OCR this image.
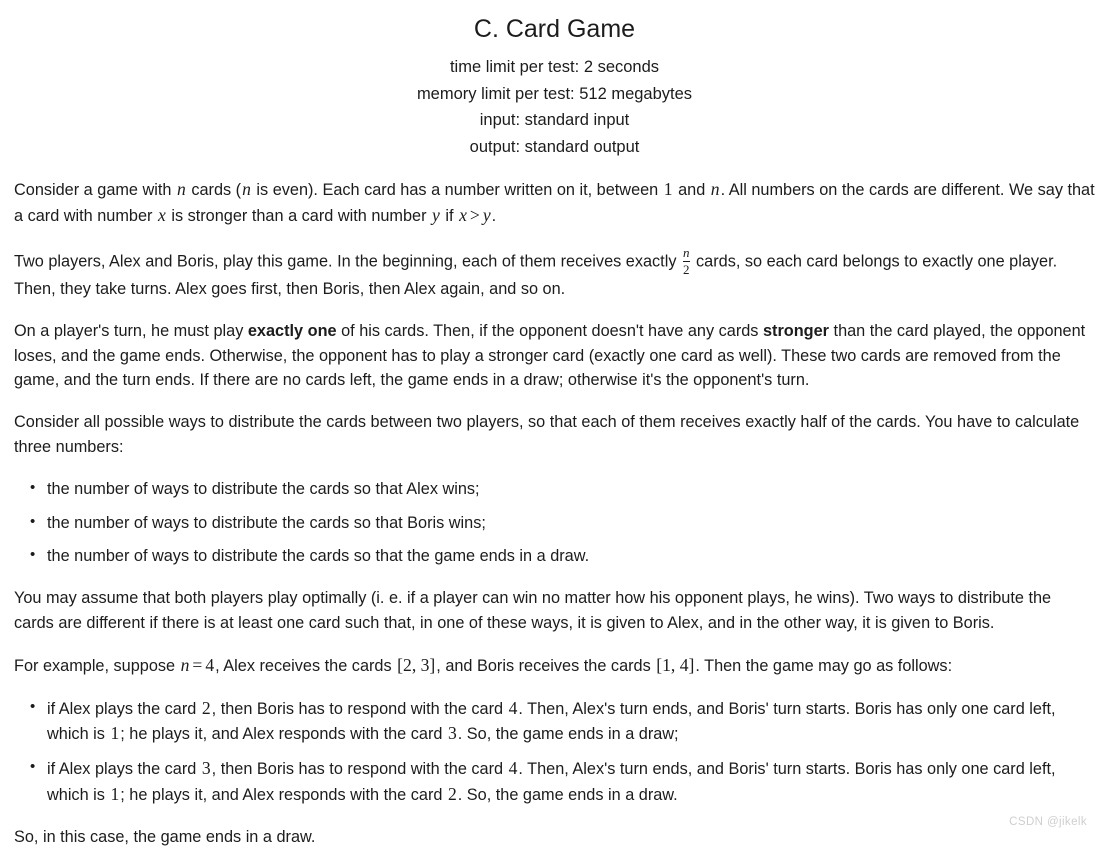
C. Card Game
time limit per test: 2 seconds
memory limit per test: 512 megabytes
input: standard input
output: standard output

Consider a game with n cards (n is even). Each card has a number written on it, between 1 and n. All numbers on the cards are different. We say that a card with number x is stronger than a card with number y if x > y.

Two players, Alex and Boris, play this game. In the beginning, each of them receives exactly $\frac{n}{2}$ cards, so each card belongs to exactly one player. Then, they take turns. Alex goes first, then Boris, then Alex again, and so on.

On a player's turn, he must play exactly one of his cards. Then, if the opponent doesn't have any cards stronger than the card played, the opponent loses, and the game ends. Otherwise, the opponent has to play a stronger card (exactly one card as well). These two cards are removed from the game, and the turn ends. If there are no cards left, the game ends in a draw; otherwise it's the opponent's turn.

Consider all possible ways to distribute the cards between two players, so that each of them receives exactly half of the cards. You have to calculate three numbers:

• the number of ways to distribute the cards so that Alex wins;
• the number of ways to distribute the cards so that Boris wins;
• the number of ways to distribute the cards so that the game ends in a draw.

You may assume that both players play optimally (i. e. if a player can win no matter how his opponent plays, he wins). Two ways to distribute the cards are different if there is at least one card such that, in one of these ways, it is given to Alex, and in the other way, it is given to Boris.

For example, suppose n = 4, Alex receives the cards [2, 3], and Boris receives the cards [1, 4]. Then the game may go as follows:

• if Alex plays the card 2, then Boris has to respond with the card 4. Then, Alex's turn ends, and Boris' turn starts. Boris has only one card left, which is 1; he plays it, and Alex responds with the card 3. So, the game ends in a draw;
• if Alex plays the card 3, then Boris has to respond with the card 4. Then, Alex's turn ends, and Boris' turn starts. Boris has only one card left, which is 1; he plays it, and Alex responds with the card 2. So, the game ends in a draw.

So, in this case, the game ends in a draw.

CSDN @jikelk
